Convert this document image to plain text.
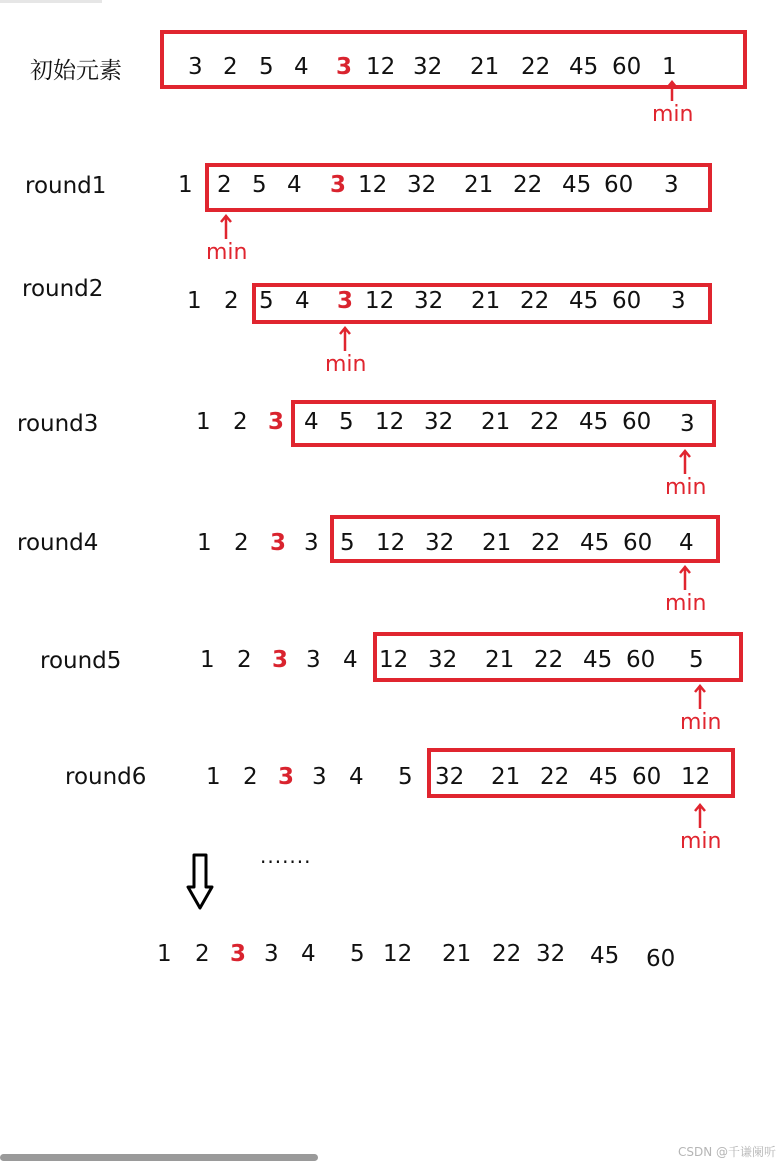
初始元素	3 2 5 4 3 12 32 21 22 45 60 1
min
round1	1 2 5 4 3 12 32 21 22 45 60 3
min
round2	1 2 5 4 3 12 32 21 22 45 60 3
min
round3	1 2 3 4 5 12 32 21 22 45 60 3
min
round4	1 2 3 3 5 12 32 21 22 45 60 4
min
round5	1 2 3 3 4 12 32 21 22 45 60 5
min
round6	1 2 3 3 4 5 32 21 22 45 60 12
min
.......
1 2 3 3 4 5 12 21 22 32 45 60
CSDN @千谦阑听
